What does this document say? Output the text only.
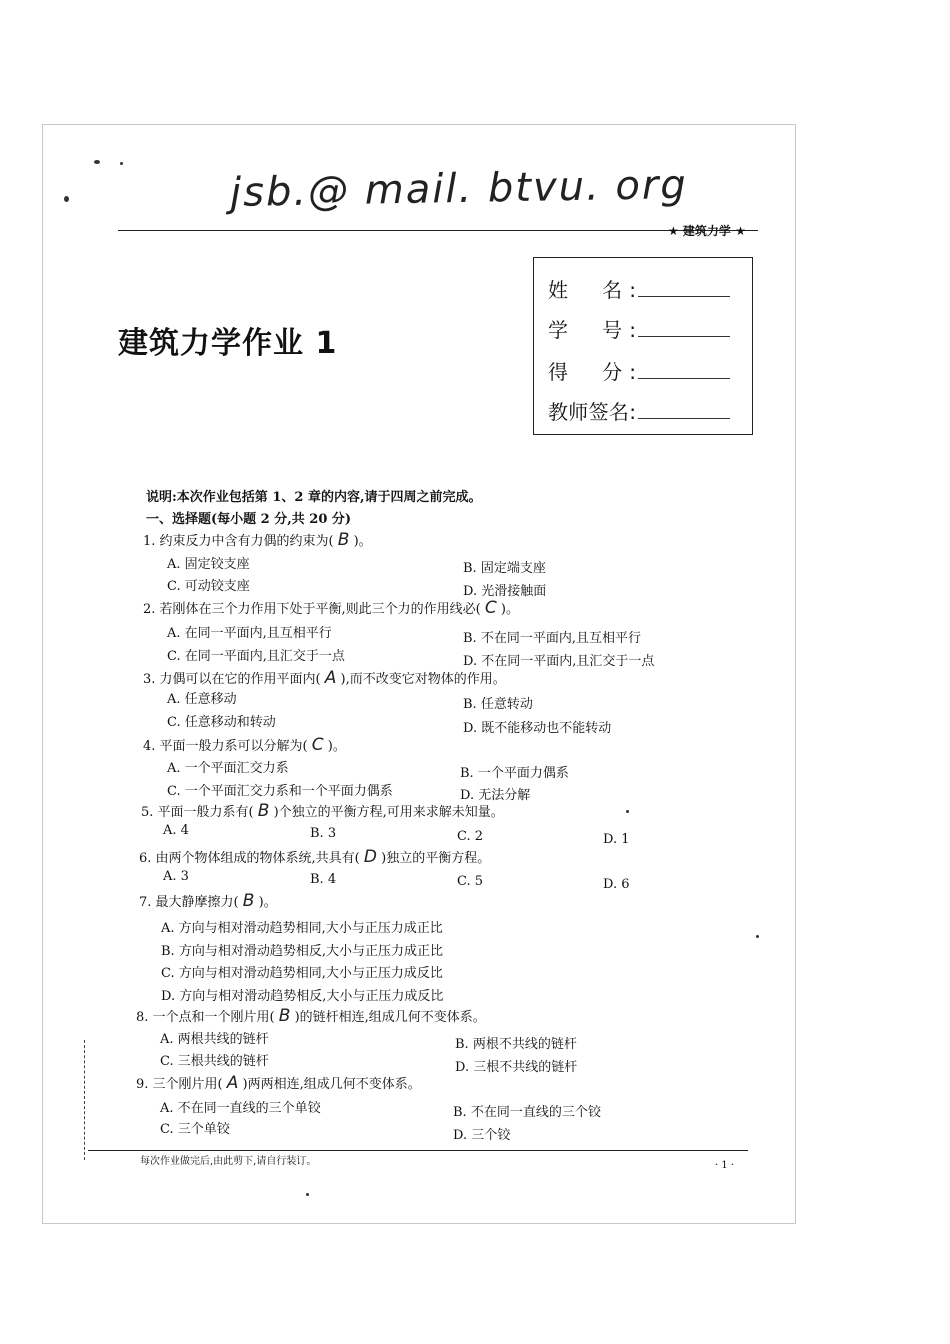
jsb.@ mail. btvu. org
★ 建筑力学 ★
建筑力学作业 1
姓　名:
学　号:
得　分:
教师签名:
说明:本次作业包括第 1、2 章的内容,请于四周之前完成。
一、选择题(每小题 2 分,共 20 分)
1. 约束反力中含有力偶的约束为( B )。
A. 固定铰支座	B. 固定端支座
C. 可动铰支座	D. 光滑接触面
2. 若刚体在三个力作用下处于平衡,则此三个力的作用线必( C )。
A. 在同一平面内,且互相平行	B. 不在同一平面内,且互相平行
C. 在同一平面内,且汇交于一点	D. 不在同一平面内,且汇交于一点
3. 力偶可以在它的作用平面内( A ),而不改变它对物体的作用。
A. 任意移动	B. 任意转动
C. 任意移动和转动	D. 既不能移动也不能转动
4. 平面一般力系可以分解为( C )。
A. 一个平面汇交力系	B. 一个平面力偶系
C. 一个平面汇交力系和一个平面力偶系	D. 无法分解
5. 平面一般力系有( B )个独立的平衡方程,可用来求解未知量。
A. 4	B. 3	C. 2	D. 1
6. 由两个物体组成的物体系统,共具有( D )独立的平衡方程。
A. 3	B. 4	C. 5	D. 6
7. 最大静摩擦力( B )。
A. 方向与相对滑动趋势相同,大小与正压力成正比
B. 方向与相对滑动趋势相反,大小与正压力成正比
C. 方向与相对滑动趋势相同,大小与正压力成反比
D. 方向与相对滑动趋势相反,大小与正压力成反比
8. 一个点和一个刚片用( B )的链杆相连,组成几何不变体系。
A. 两根共线的链杆	B. 两根不共线的链杆
C. 三根共线的链杆	D. 三根不共线的链杆
9. 三个刚片用( A )两两相连,组成几何不变体系。
A. 不在同一直线的三个单铰	B. 不在同一直线的三个铰
C. 三个单铰	D. 三个铰
每次作业做完后,由此剪下,请自行装订。	· 1 ·
